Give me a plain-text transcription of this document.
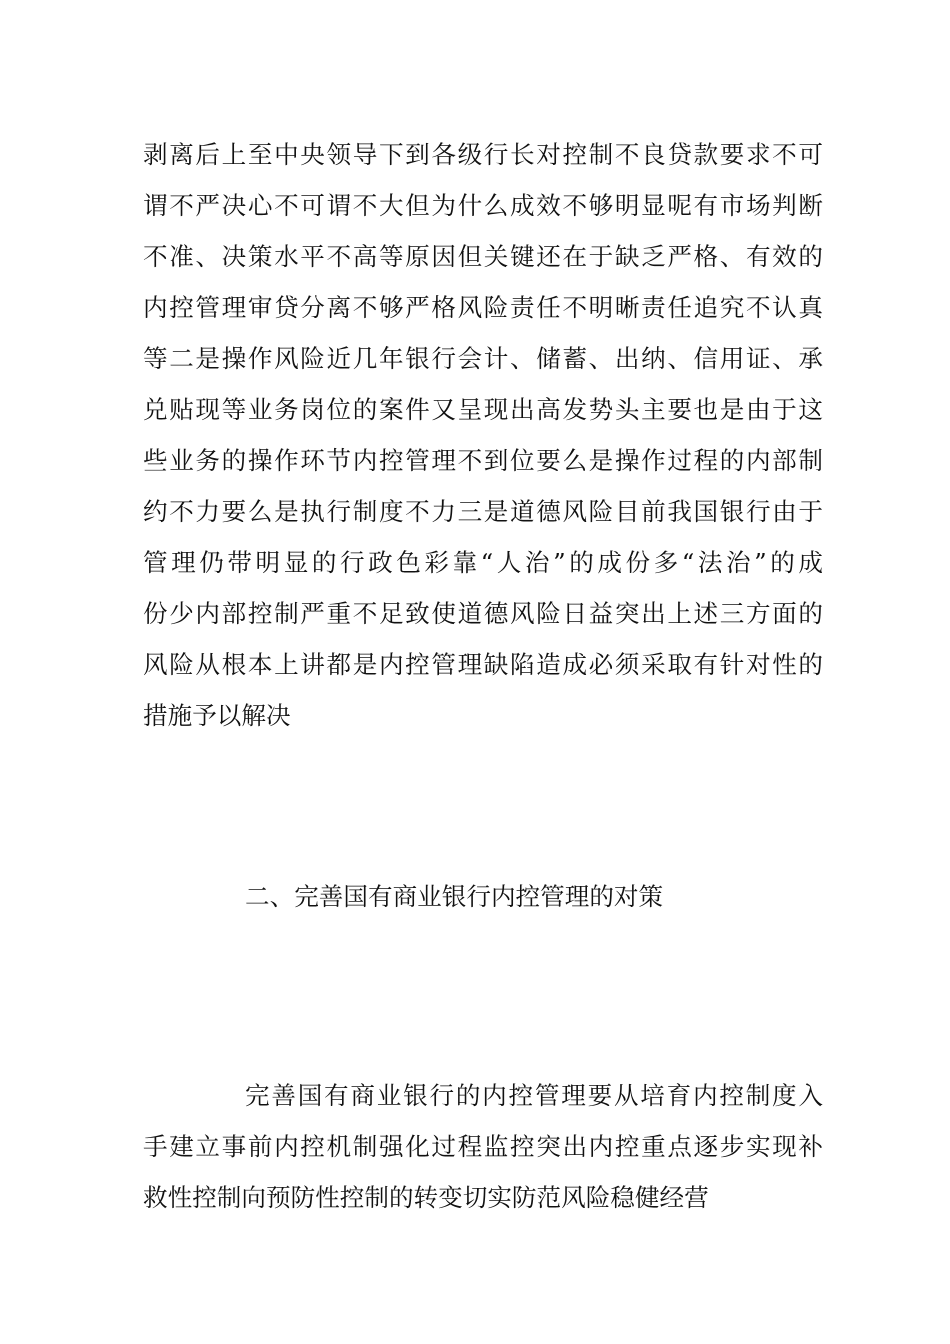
剥离后上至中央领导下到各级行长对控制不良贷款要求不可
谓不严决心不可谓不大但为什么成效不够明显呢有市场判断
不准、决策水平不高等原因但关键还在于缺乏严格、有效的
内控管理审贷分离不够严格风险责任不明晰责任追究不认真
等二是操作风险近几年银行会计、储蓄、出纳、信用证、承
兑贴现等业务岗位的案件又呈现出高发势头主要也是由于这
些业务的操作环节内控管理不到位要么是操作过程的内部制
约不力要么是执行制度不力三是道德风险目前我国银行由于
管理仍带明显的行政色彩靠“人治”的成份多“法治”的成
份少内部控制严重不足致使道德风险日益突出上述三方面的
风险从根本上讲都是内控管理缺陷造成必须采取有针对性的
措施予以解决
二、完善国有商业银行内控管理的对策
完善国有商业银行的内控管理要从培育内控制度入
手建立事前内控机制强化过程监控突出内控重点逐步实现补
救性控制向预防性控制的转变切实防范风险稳健经营
